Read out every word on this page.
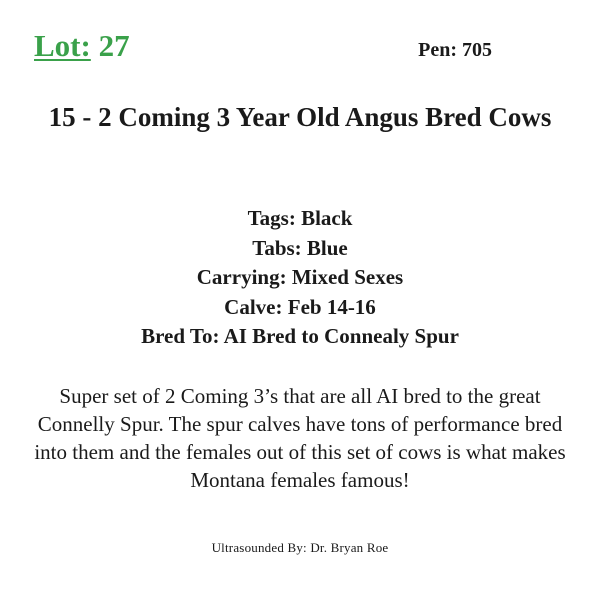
Lot: 27	Pen: 705
15 - 2 Coming 3 Year Old Angus Bred Cows
Tags: Black
Tabs: Blue
Carrying: Mixed Sexes
Calve: Feb 14-16
Bred To: AI Bred to Connealy Spur
Super set of 2 Coming 3’s that are all AI bred to the great Connelly Spur. The spur calves have tons of performance bred into them and the females out of this set of cows is what makes Montana females famous!
Ultrasounded By: Dr. Bryan Roe
